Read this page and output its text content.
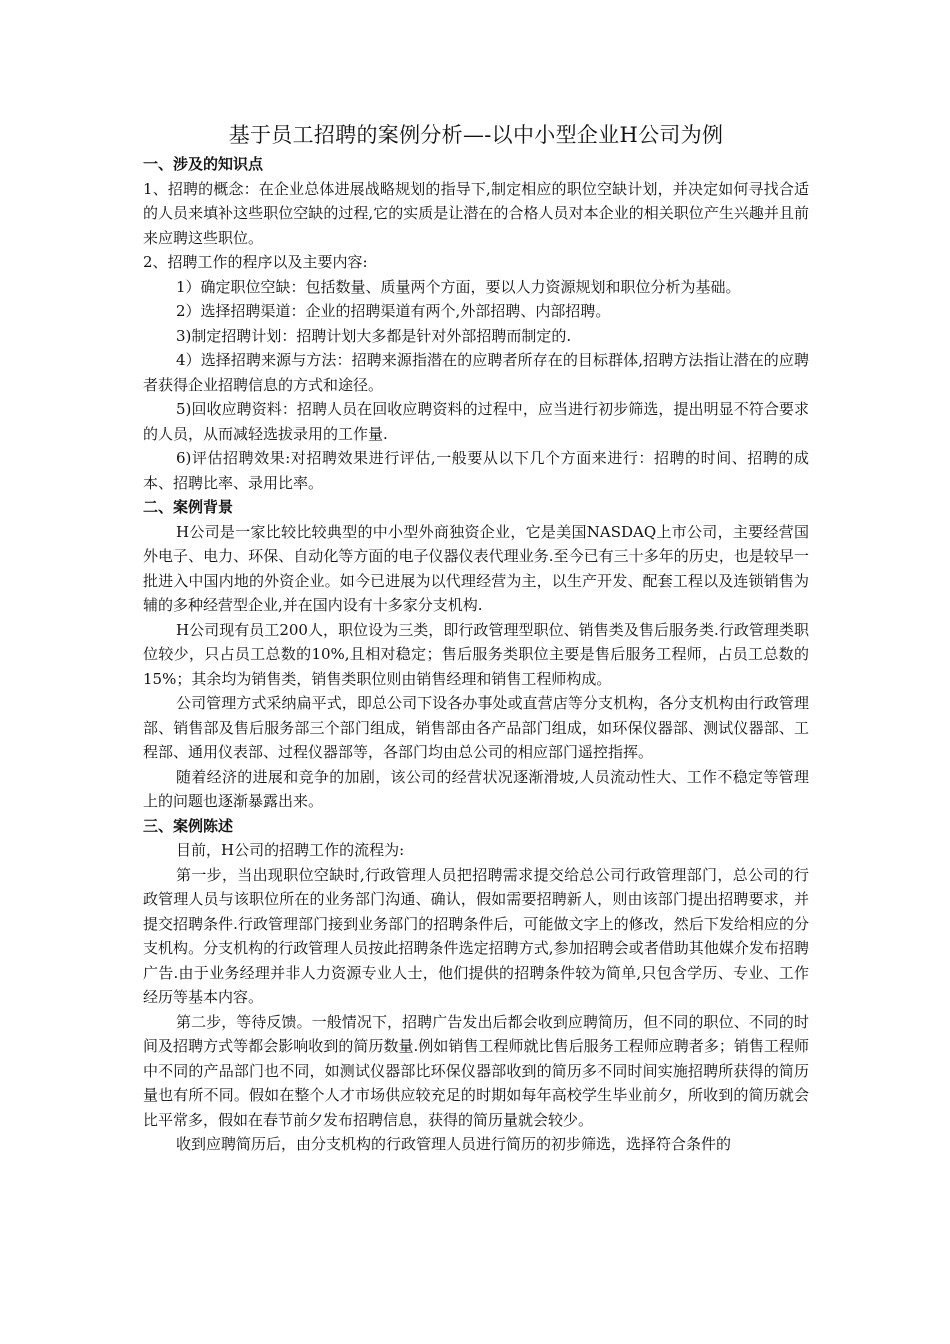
基于员工招聘的案例分析—-以中小型企业H公司为例
一、涉及的知识点

1、招聘的概念：在企业总体进展战略规划的指导下,制定相应的职位空缺计划，并决定如何寻找合适的人员来填补这些职位空缺的过程,它的实质是让潜在的合格人员对本企业的相关职位产生兴趣并且前来应聘这些职位。

2、招聘工作的程序以及主要内容:

1）确定职位空缺：包括数量、质量两个方面，要以人力资源规划和职位分析为基础。

2）选择招聘渠道：企业的招聘渠道有两个,外部招聘、内部招聘。

3)制定招聘计划：招聘计划大多都是针对外部招聘而制定的.

4）选择招聘来源与方法：招聘来源指潜在的应聘者所存在的目标群体,招聘方法指让潜在的应聘者获得企业招聘信息的方式和途径。

5)回收应聘资料：招聘人员在回收应聘资料的过程中，应当进行初步筛选，提出明显不符合要求的人员，从而减轻选拔录用的工作量.

6)评估招聘效果:对招聘效果进行评估,一般要从以下几个方面来进行：招聘的时间、招聘的成本、招聘比率、录用比率。

二、案例背景

H公司是一家比较比较典型的中小型外商独资企业，它是美国NASDAQ上市公司，主要经营国外电子、电力、环保、自动化等方面的电子仪器仪表代理业务.至今已有三十多年的历史，也是较早一批进入中国内地的外资企业。如今已进展为以代理经营为主，以生产开发、配套工程以及连锁销售为辅的多种经营型企业,并在国内设有十多家分支机构.

H公司现有员工200人，职位设为三类，即行政管理型职位、销售类及售后服务类.行政管理类职位较少，只占员工总数的10%,且相对稳定；售后服务类职位主要是售后服务工程师，占员工总数的15%；其余均为销售类，销售类职位则由销售经理和销售工程师构成。

公司管理方式采纳扁平式，即总公司下设各办事处或直营店等分支机构，各分支机构由行政管理部、销售部及售后服务部三个部门组成，销售部由各产品部门组成，如环保仪器部、测试仪器部、工程部、通用仪表部、过程仪器部等，各部门均由总公司的相应部门遥控指挥。

随着经济的进展和竞争的加剧，该公司的经营状况逐渐滑坡,人员流动性大、工作不稳定等管理上的问题也逐渐暴露出来。

三、案例陈述

目前，H公司的招聘工作的流程为:

第一步，当出现职位空缺时,行政管理人员把招聘需求提交给总公司行政管理部门，总公司的行政管理人员与该职位所在的业务部门沟通、确认，假如需要招聘新人，则由该部门提出招聘要求，并提交招聘条件.行政管理部门接到业务部门的招聘条件后，可能做文字上的修改，然后下发给相应的分支机构。分支机构的行政管理人员按此招聘条件选定招聘方式,参加招聘会或者借助其他媒介发布招聘广告.由于业务经理并非人力资源专业人士，他们提供的招聘条件较为简单,只包含学历、专业、工作经历等基本内容。

第二步，等待反馈。一般情况下，招聘广告发出后都会收到应聘简历，但不同的职位、不同的时间及招聘方式等都会影响收到的简历数量.例如销售工程师就比售后服务工程师应聘者多；销售工程师中不同的产品部门也不同，如测试仪器部比环保仪器部收到的简历多不同时间实施招聘所获得的简历量也有所不同。假如在整个人才市场供应较充足的时期如每年高校学生毕业前夕，所收到的简历就会比平常多，假如在春节前夕发布招聘信息，获得的简历量就会较少。

收到应聘简历后，由分支机构的行政管理人员进行简历的初步筛选，选择符合条件的
